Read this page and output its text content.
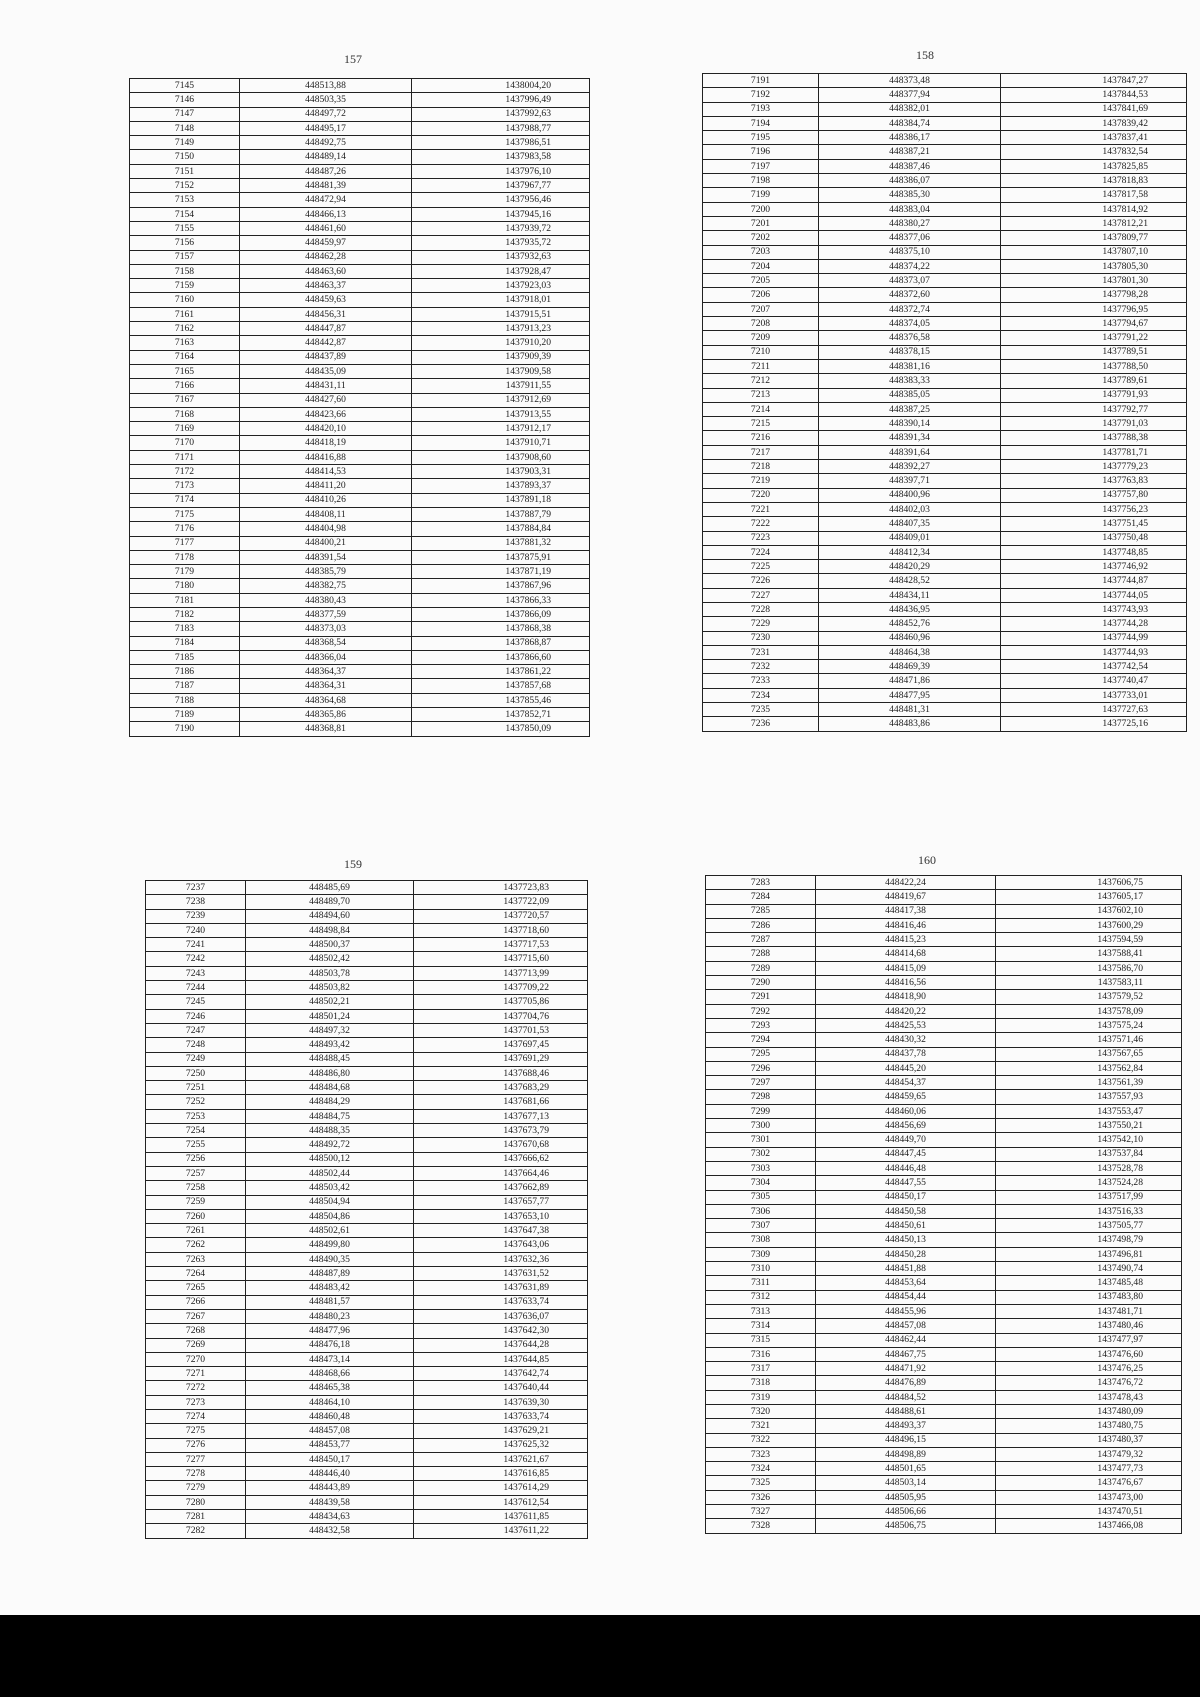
157
7145	448513,88	1438004,20
7146	448503,35	1437996,49
7147	448497,72	1437992,63
7148	448495,17	1437988,77
7149	448492,75	1437986,51
7150	448489,14	1437983,58
7151	448487,26	1437976,10
7152	448481,39	1437967,77
7153	448472,94	1437956,46
7154	448466,13	1437945,16
7155	448461,60	1437939,72
7156	448459,97	1437935,72
7157	448462,28	1437932,63
7158	448463,60	1437928,47
7159	448463,37	1437923,03
7160	448459,63	1437918,01
7161	448456,31	1437915,51
7162	448447,87	1437913,23
7163	448442,87	1437910,20
7164	448437,89	1437909,39
7165	448435,09	1437909,58
7166	448431,11	1437911,55
7167	448427,60	1437912,69
7168	448423,66	1437913,55
7169	448420,10	1437912,17
7170	448418,19	1437910,71
7171	448416,88	1437908,60
7172	448414,53	1437903,31
7173	448411,20	1437893,37
7174	448410,26	1437891,18
7175	448408,11	1437887,79
7176	448404,98	1437884,84
7177	448400,21	1437881,32
7178	448391,54	1437875,91
7179	448385,79	1437871,19
7180	448382,75	1437867,96
7181	448380,43	1437866,33
7182	448377,59	1437866,09
7183	448373,03	1437868,38
7184	448368,54	1437868,87
7185	448366,04	1437866,60
7186	448364,37	1437861,22
7187	448364,31	1437857,68
7188	448364,68	1437855,46
7189	448365,86	1437852,71
7190	448368,81	1437850,09
158
7191	448373,48	1437847,27
7192	448377,94	1437844,53
7193	448382,01	1437841,69
7194	448384,74	1437839,42
7195	448386,17	1437837,41
7196	448387,21	1437832,54
7197	448387,46	1437825,85
7198	448386,07	1437818,83
7199	448385,30	1437817,58
7200	448383,04	1437814,92
7201	448380,27	1437812,21
7202	448377,06	1437809,77
7203	448375,10	1437807,10
7204	448374,22	1437805,30
7205	448373,07	1437801,30
7206	448372,60	1437798,28
7207	448372,74	1437796,95
7208	448374,05	1437794,67
7209	448376,58	1437791,22
7210	448378,15	1437789,51
7211	448381,16	1437788,50
7212	448383,33	1437789,61
7213	448385,05	1437791,93
7214	448387,25	1437792,77
7215	448390,14	1437791,03
7216	448391,34	1437788,38
7217	448391,64	1437781,71
7218	448392,27	1437779,23
7219	448397,71	1437763,83
7220	448400,96	1437757,80
7221	448402,03	1437756,23
7222	448407,35	1437751,45
7223	448409,01	1437750,48
7224	448412,34	1437748,85
7225	448420,29	1437746,92
7226	448428,52	1437744,87
7227	448434,11	1437744,05
7228	448436,95	1437743,93
7229	448452,76	1437744,28
7230	448460,96	1437744,99
7231	448464,38	1437744,93
7232	448469,39	1437742,54
7233	448471,86	1437740,47
7234	448477,95	1437733,01
7235	448481,31	1437727,63
7236	448483,86	1437725,16
159
7237	448485,69	1437723,83
7238	448489,70	1437722,09
7239	448494,60	1437720,57
7240	448498,84	1437718,60
7241	448500,37	1437717,53
7242	448502,42	1437715,60
7243	448503,78	1437713,99
7244	448503,82	1437709,22
7245	448502,21	1437705,86
7246	448501,24	1437704,76
7247	448497,32	1437701,53
7248	448493,42	1437697,45
7249	448488,45	1437691,29
7250	448486,80	1437688,46
7251	448484,68	1437683,29
7252	448484,29	1437681,66
7253	448484,75	1437677,13
7254	448488,35	1437673,79
7255	448492,72	1437670,68
7256	448500,12	1437666,62
7257	448502,44	1437664,46
7258	448503,42	1437662,89
7259	448504,94	1437657,77
7260	448504,86	1437653,10
7261	448502,61	1437647,38
7262	448499,80	1437643,06
7263	448490,35	1437632,36
7264	448487,89	1437631,52
7265	448483,42	1437631,89
7266	448481,57	1437633,74
7267	448480,23	1437636,07
7268	448477,96	1437642,30
7269	448476,18	1437644,28
7270	448473,14	1437644,85
7271	448468,66	1437642,74
7272	448465,38	1437640,44
7273	448464,10	1437639,30
7274	448460,48	1437633,74
7275	448457,08	1437629,21
7276	448453,77	1437625,32
7277	448450,17	1437621,67
7278	448446,40	1437616,85
7279	448443,89	1437614,29
7280	448439,58	1437612,54
7281	448434,63	1437611,85
7282	448432,58	1437611,22
160
7283	448422,24	1437606,75
7284	448419,67	1437605,17
7285	448417,38	1437602,10
7286	448416,46	1437600,29
7287	448415,23	1437594,59
7288	448414,68	1437588,41
7289	448415,09	1437586,70
7290	448416,56	1437583,11
7291	448418,90	1437579,52
7292	448420,22	1437578,09
7293	448425,53	1437575,24
7294	448430,32	1437571,46
7295	448437,78	1437567,65
7296	448445,20	1437562,84
7297	448454,37	1437561,39
7298	448459,65	1437557,93
7299	448460,06	1437553,47
7300	448456,69	1437550,21
7301	448449,70	1437542,10
7302	448447,45	1437537,84
7303	448446,48	1437528,78
7304	448447,55	1437524,28
7305	448450,17	1437517,99
7306	448450,58	1437516,33
7307	448450,61	1437505,77
7308	448450,13	1437498,79
7309	448450,28	1437496,81
7310	448451,88	1437490,74
7311	448453,64	1437485,48
7312	448454,44	1437483,80
7313	448455,96	1437481,71
7314	448457,08	1437480,46
7315	448462,44	1437477,97
7316	448467,75	1437476,60
7317	448471,92	1437476,25
7318	448476,89	1437476,72
7319	448484,52	1437478,43
7320	448488,61	1437480,09
7321	448493,37	1437480,75
7322	448496,15	1437480,37
7323	448498,89	1437479,32
7324	448501,65	1437477,73
7325	448503,14	1437476,67
7326	448505,95	1437473,00
7327	448506,66	1437470,51
7328	448506,75	1437466,08
